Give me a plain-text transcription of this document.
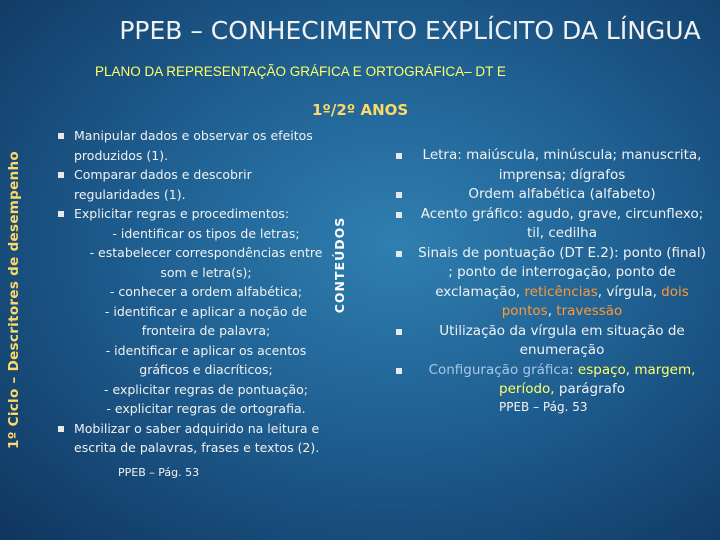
PPEB – CONHECIMENTO EXPLÍCITO DA LÍNGUA
PLANO DA REPRESENTAÇÃO GRÁFICA E ORTOGRÁFICA– DT E
1º/2º ANOS
1º Ciclo – Descritores de desempenho	CONTEÚDOS
Manipular dados e observar os efeitos produzidos (1).
Comparar dados e descobrir regularidades (1).
Explicitar regras e procedimentos:
- identificar os tipos de letras;
- estabelecer correspondências entre som e letra(s);
- conhecer a ordem alfabética;
- identificar e aplicar a noção de fronteira de palavra;
- identificar e aplicar os acentos gráficos e diacríticos;
- explicitar regras de pontuação;
- explicitar regras de ortografia.
Mobilizar o saber adquirido na leitura e escrita de palavras, frases e textos (2).
PPEB – Pág. 53
Letra: maiúscula, minúscula; manuscrita, imprensa; dígrafos
Ordem alfabética (alfabeto)
Acento gráfico: agudo, grave, circunflexo; til, cedilha
Sinais de pontuação (DT E.2): ponto (final) ; ponto de interrogação, ponto de exclamação, reticências, vírgula, dois pontos, travessão
Utilização da vírgula em situação de enumeração
Configuração gráfica: espaço, margem, período, parágrafo
PPEB – Pág. 53
